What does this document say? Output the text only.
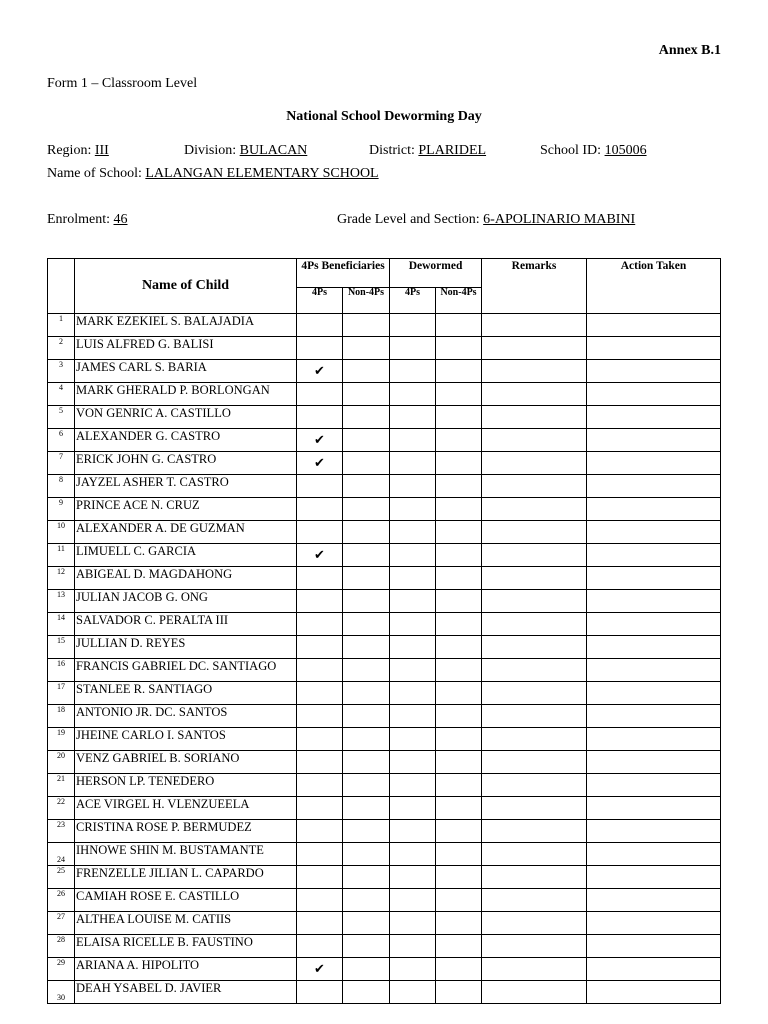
Annex B.1
Form 1 – Classroom Level
National School Deworming Day
Region: III	Division: BULACAN	District: PLARIDEL	School ID: 105006
Name of School: LALANGAN ELEMENTARY SCHOOL
Enrolment: 46	Grade Level and Section: 6-APOLINARIO MABINI
	Name of Child	4Ps Beneficiaries		Dewormed		Remarks	Action Taken
		4Ps	Non-4Ps	4Ps	Non-4Ps		
1	MARK EZEKIEL S. BALAJADIA						
2	LUIS ALFRED G. BALISI						
3	JAMES CARL S. BARIA	✔					
4	MARK GHERALD P. BORLONGAN						
5	VON GENRIC A. CASTILLO						
6	ALEXANDER G. CASTRO	✔					
7	ERICK JOHN G. CASTRO	✔					
8	JAYZEL ASHER T. CASTRO						
9	PRINCE ACE N. CRUZ						
10	ALEXANDER A. DE GUZMAN						
11	LIMUELL C. GARCIA	✔					
12	ABIGEAL D. MAGDAHONG						
13	JULIAN JACOB G. ONG						
14	SALVADOR C. PERALTA III						
15	JULLIAN D. REYES						
16	FRANCIS GABRIEL DC. SANTIAGO						
17	STANLEE R. SANTIAGO						
18	ANTONIO JR. DC. SANTOS						
19	JHEINE CARLO I. SANTOS						
20	VENZ GABRIEL B. SORIANO						
21	HERSON LP. TENEDERO						
22	ACE VIRGEL H. VLENZUEELA						
23	CRISTINA ROSE P. BERMUDEZ						
24	IHNOWE SHIN M. BUSTAMANTE						
25	FRENZELLE JILIAN L. CAPARDO						
26	CAMIAH ROSE E. CASTILLO						
27	ALTHEA LOUISE M. CATIIS						
28	ELAISA RICELLE B. FAUSTINO						
29	ARIANA A. HIPOLITO	✔					
30	DEAH YSABEL D. JAVIER						
